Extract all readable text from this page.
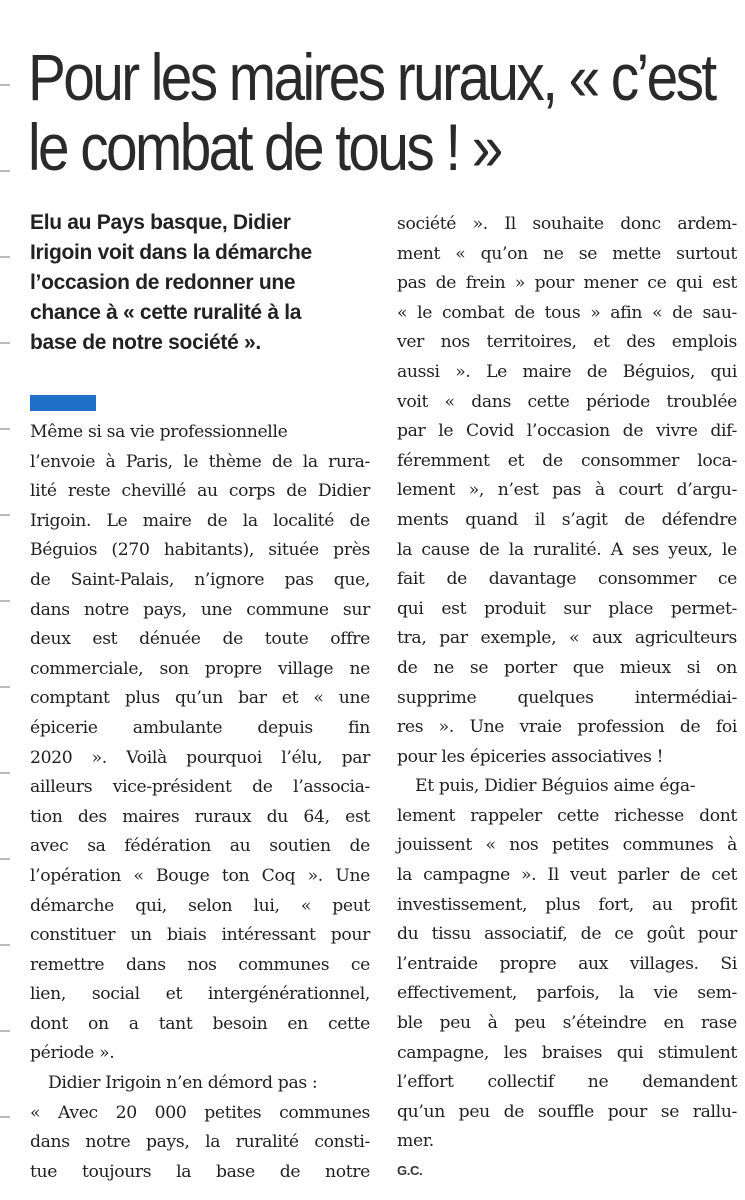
Pour les maires ruraux, « c’est
le combat de tous ! »
Elu au Pays basque, Didier
Irigoin voit dans la démarche
l’occasion de redonner une
chance à « cette ruralité à la
base de notre société ».
Même si sa vie professionnelle
l’envoie à Paris, le thème de la rura-
lité reste chevillé au corps de Didier
Irigoin. Le maire de la localité de
Béguios (270 habitants), située près
de Saint-Palais, n’ignore pas que,
dans notre pays, une commune sur
deux est dénuée de toute offre
commerciale, son propre village ne
comptant plus qu’un bar et « une
épicerie ambulante depuis fin
2020 ». Voilà pourquoi l’élu, par
ailleurs vice-président de l’associa-
tion des maires ruraux du 64, est
avec sa fédération au soutien de
l’opération « Bouge ton Coq ». Une
démarche qui, selon lui, « peut
constituer un biais intéressant pour
remettre dans nos communes ce
lien, social et intergénérationnel,
dont on a tant besoin en cette
période ».
Didier Irigoin n’en démord pas :
« Avec 20 000 petites communes
dans notre pays, la ruralité consti-
tue toujours la base de notre
société ». Il souhaite donc ardem-
ment « qu’on ne se mette surtout
pas de frein » pour mener ce qui est
« le combat de tous » afin « de sau-
ver nos territoires, et des emplois
aussi ». Le maire de Béguios, qui
voit « dans cette période troublée
par le Covid l’occasion de vivre dif-
féremment et de consommer loca-
lement », n’est pas à court d’argu-
ments quand il s’agit de défendre
la cause de la ruralité. A ses yeux, le
fait de davantage consommer ce
qui est produit sur place permet-
tra, par exemple, « aux agriculteurs
de ne se porter que mieux si on
supprime quelques intermédiai-
res ». Une vraie profession de foi
pour les épiceries associatives !
Et puis, Didier Béguios aime éga-
lement rappeler cette richesse dont
jouissent « nos petites communes à
la campagne ». Il veut parler de cet
investissement, plus fort, au profit
du tissu associatif, de ce goût pour
l’entraide propre aux villages. Si
effectivement, parfois, la vie sem-
ble peu à peu s’éteindre en rase
campagne, les braises qui stimulent
l’effort collectif ne demandent
qu’un peu de souffle pour se rallu-
mer.
G.C.
